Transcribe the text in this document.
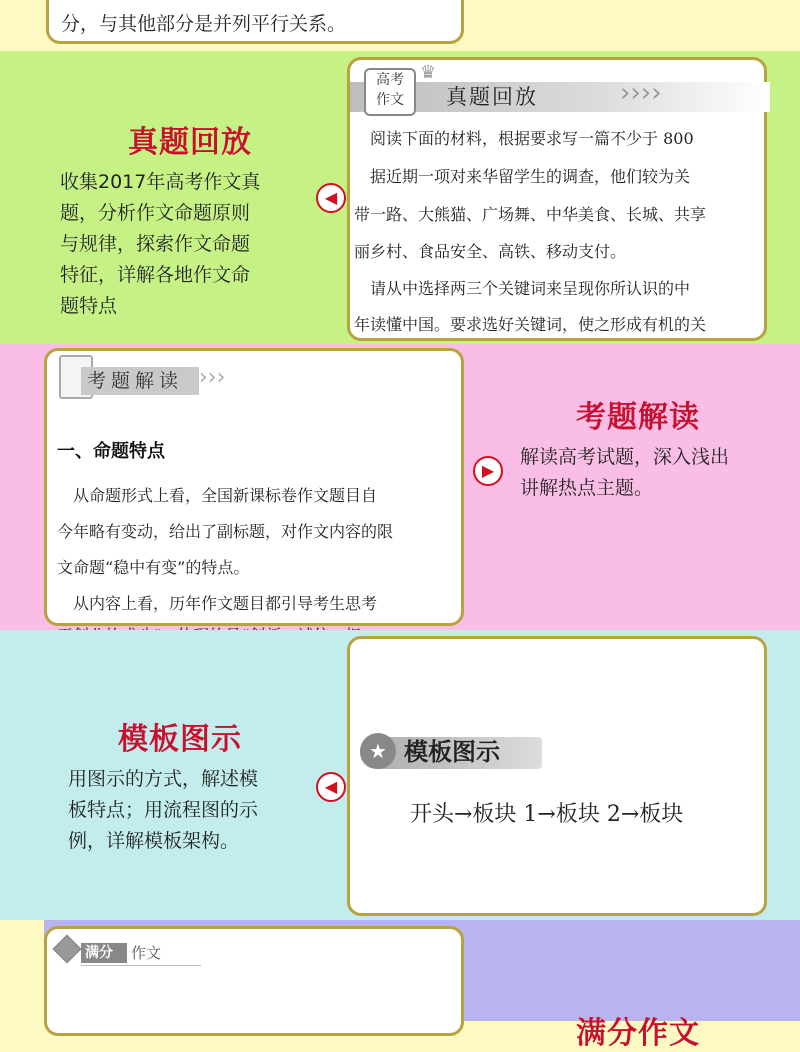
分，与其他部分是并列平行关系。
真题回放
收集2017年高考作文真
题，分析作文命题原则
与规律，探索作文命题
特征，详解各地作文命
题特点
◀
♛
高考
作文	真题回放	››››
　阅读下面的材料，根据要求写一篇不少于 800
　据近期一项对来华留学生的调查，他们较为关
带一路、大熊猫、广场舞、中华美食、长城、共享
丽乡村、食品安全、高铁、移动支付。
　请从中选择两三个关键词来呈现你所认识的中
年读懂中国。要求选好关键词，使之形成有机的关
考题解读 ›››
一、命题特点
　从命题形式上看，全国新课标卷作文题目自
今年略有变动，给出了副标题，对作文内容的限
文命题“稳中有变”的特点。
　从内容上看，历年作文题目都引导考生思考
▶
考题解读
解读高考试题，深入浅出
讲解热点主题。
模板图示
用图示的方式，解述模
板特点；用流程图的示
例，详解模板架构。
◀
★ 模板图示
开头→板块 1→板块 2→板块
满分 作文
满分作文
